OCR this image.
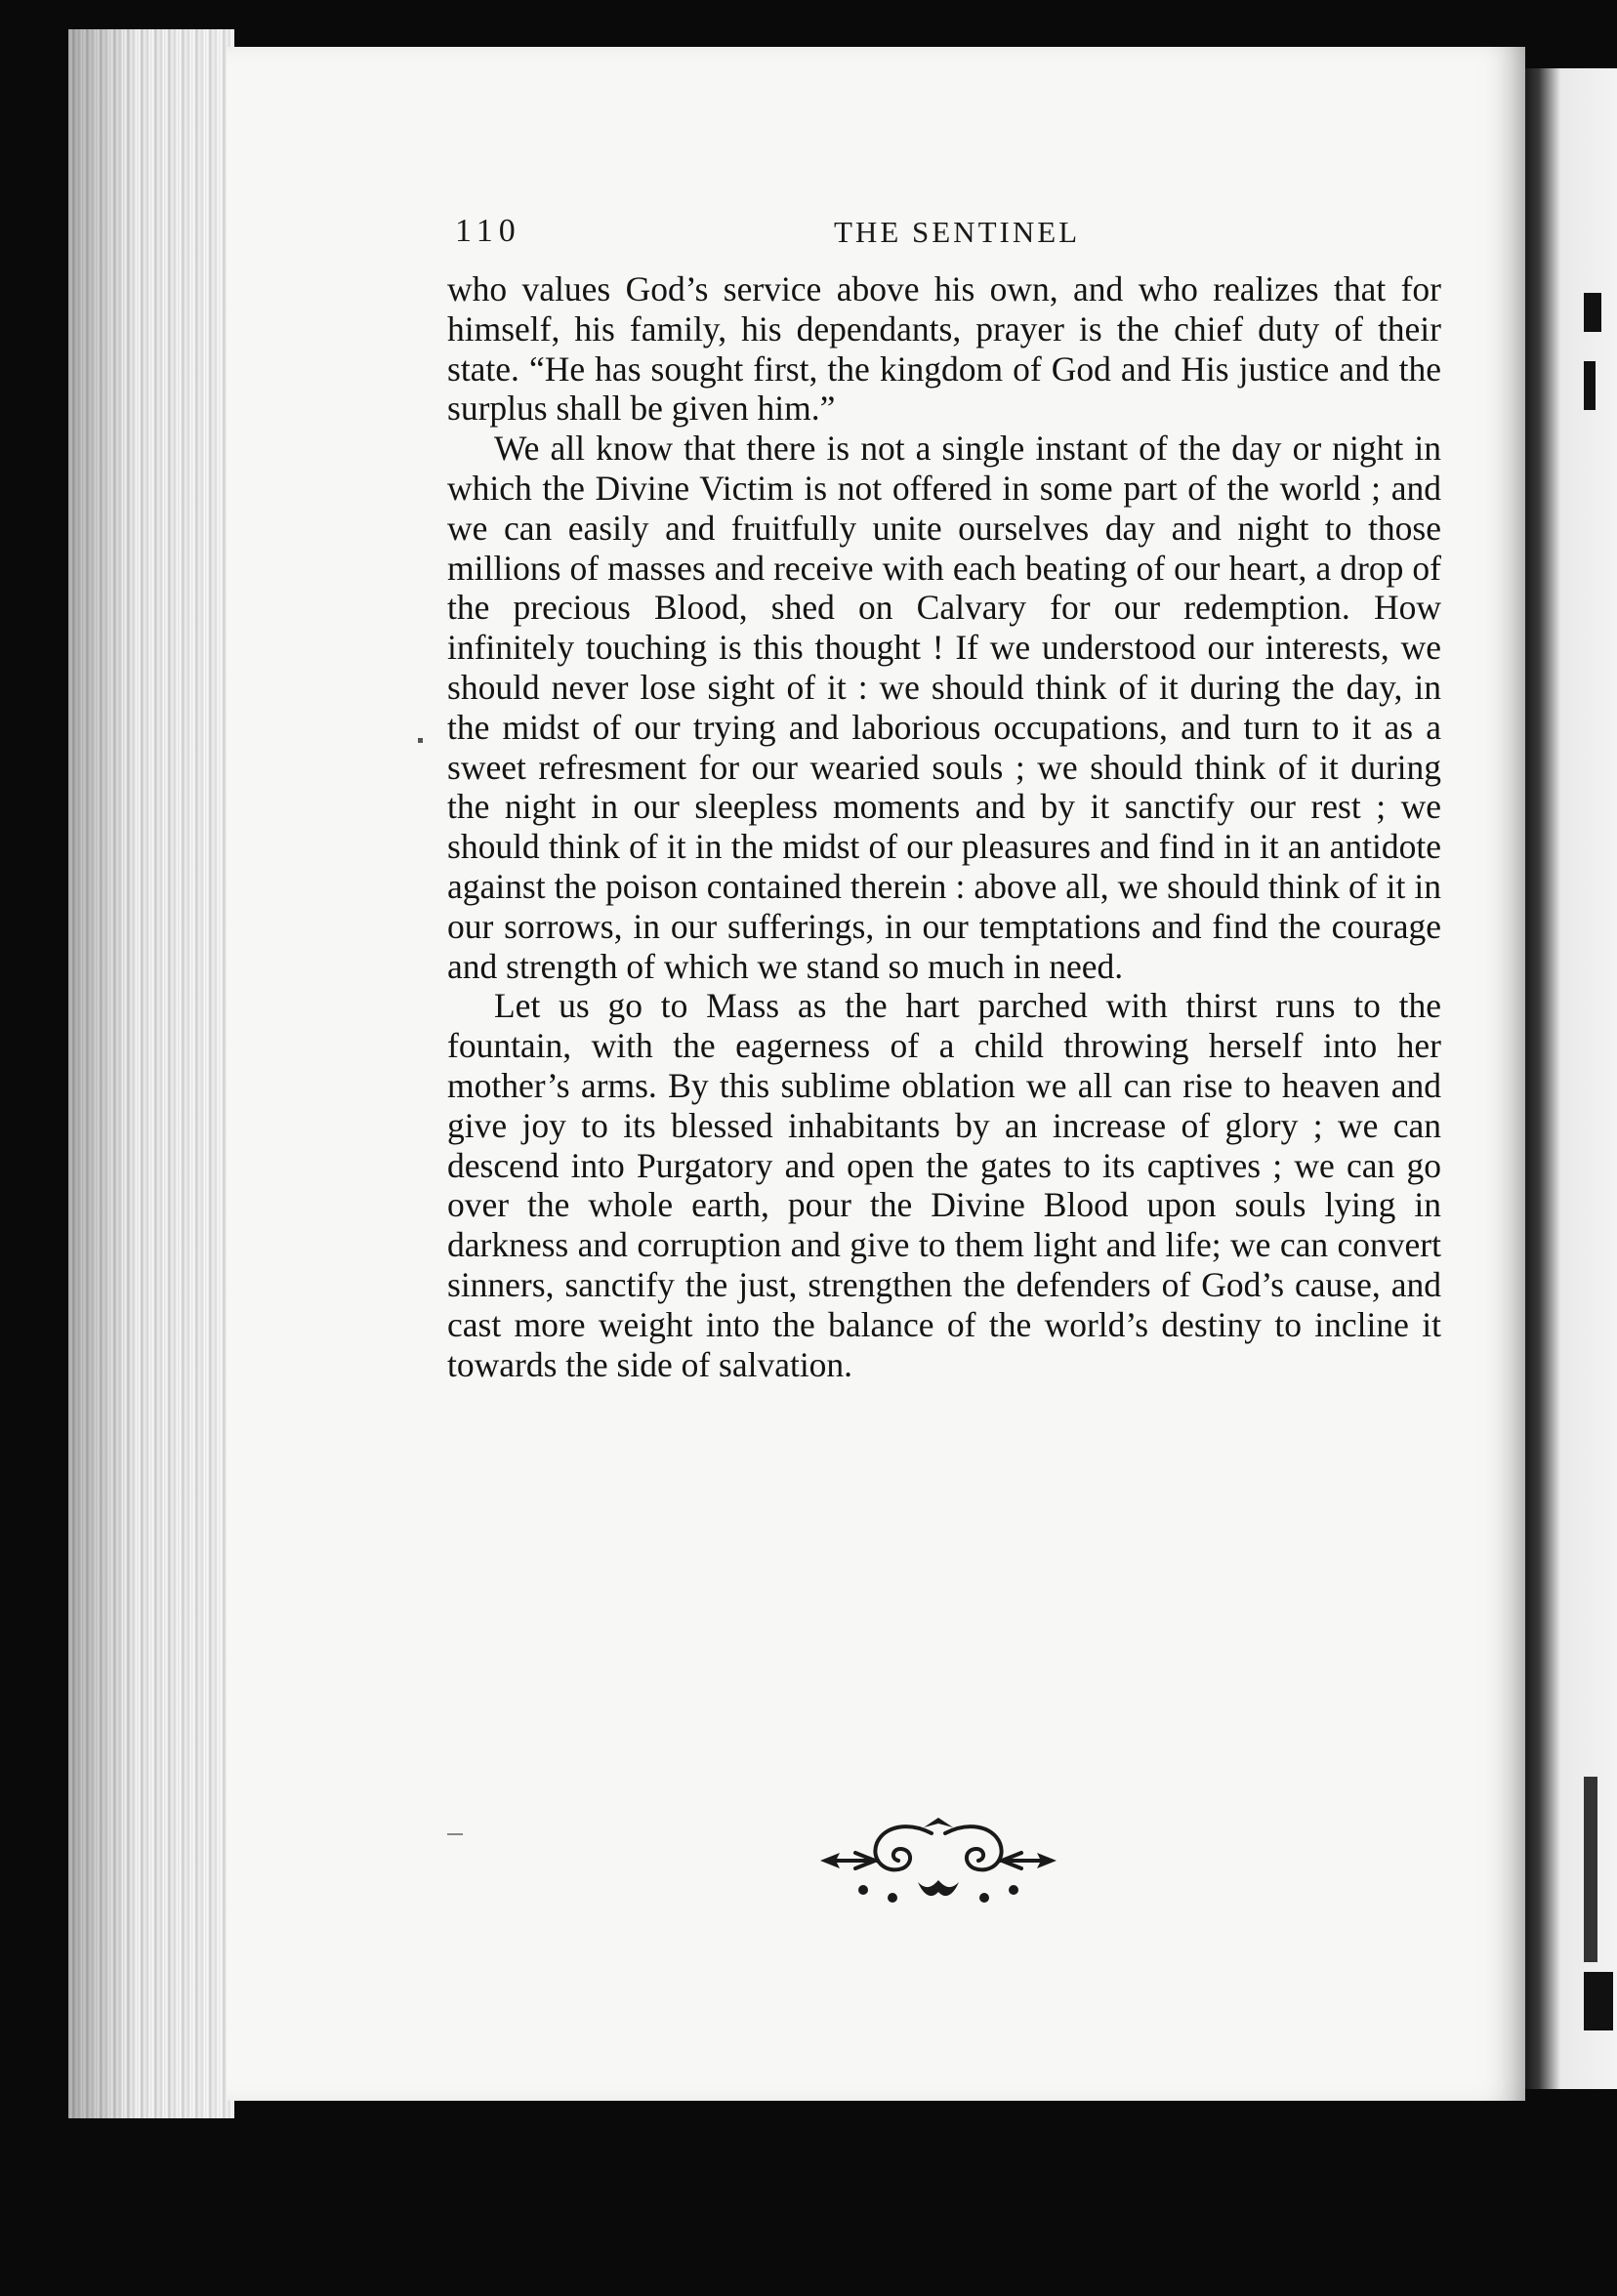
110	THE SENTINEL

who values God’s service above his own, and who realizes that for himself, his family, his dependants, prayer is the chief duty of their state. “He has sought first, the kingdom of God and His justice and the surplus shall be given him.”

We all know that there is not a single instant of the day or night in which the Divine Victim is not offered in some part of the world ; and we can easily and fruitfully unite ourselves day and night to those millions of masses and receive with each beating of our heart, a drop of the precious Blood, shed on Calvary for our redemption. How infinitely touching is this thought ! If we understood our interests, we should never lose sight of it : we should think of it during the day, in the midst of our trying and laborious occupations, and turn to it as a sweet refresment for our wearied souls ; we should think of it during the night in our sleepless moments and by it sanctify our rest ; we should think of it in the midst of our pleasures and find in it an antidote against the poison contained therein : above all, we should think of it in our sorrows, in our sufferings, in our temptations and find the courage and strength of which we stand so much in need.

Let us go to Mass as the hart parched with thirst runs to the fountain, with the eagerness of a child throwing herself into her mother’s arms. By this sublime oblation we all can rise to heaven and give joy to its blessed inhabitants by an increase of glory ; we can descend into Purgatory and open the gates to its captives ; we can go over the whole earth, pour the Divine Blood upon souls lying in darkness and corruption and give to them light and life; we can convert sinners, sanctify the just, strengthen the defenders of God’s cause, and cast more weight into the balance of the world’s destiny to incline it towards the side of salvation.
